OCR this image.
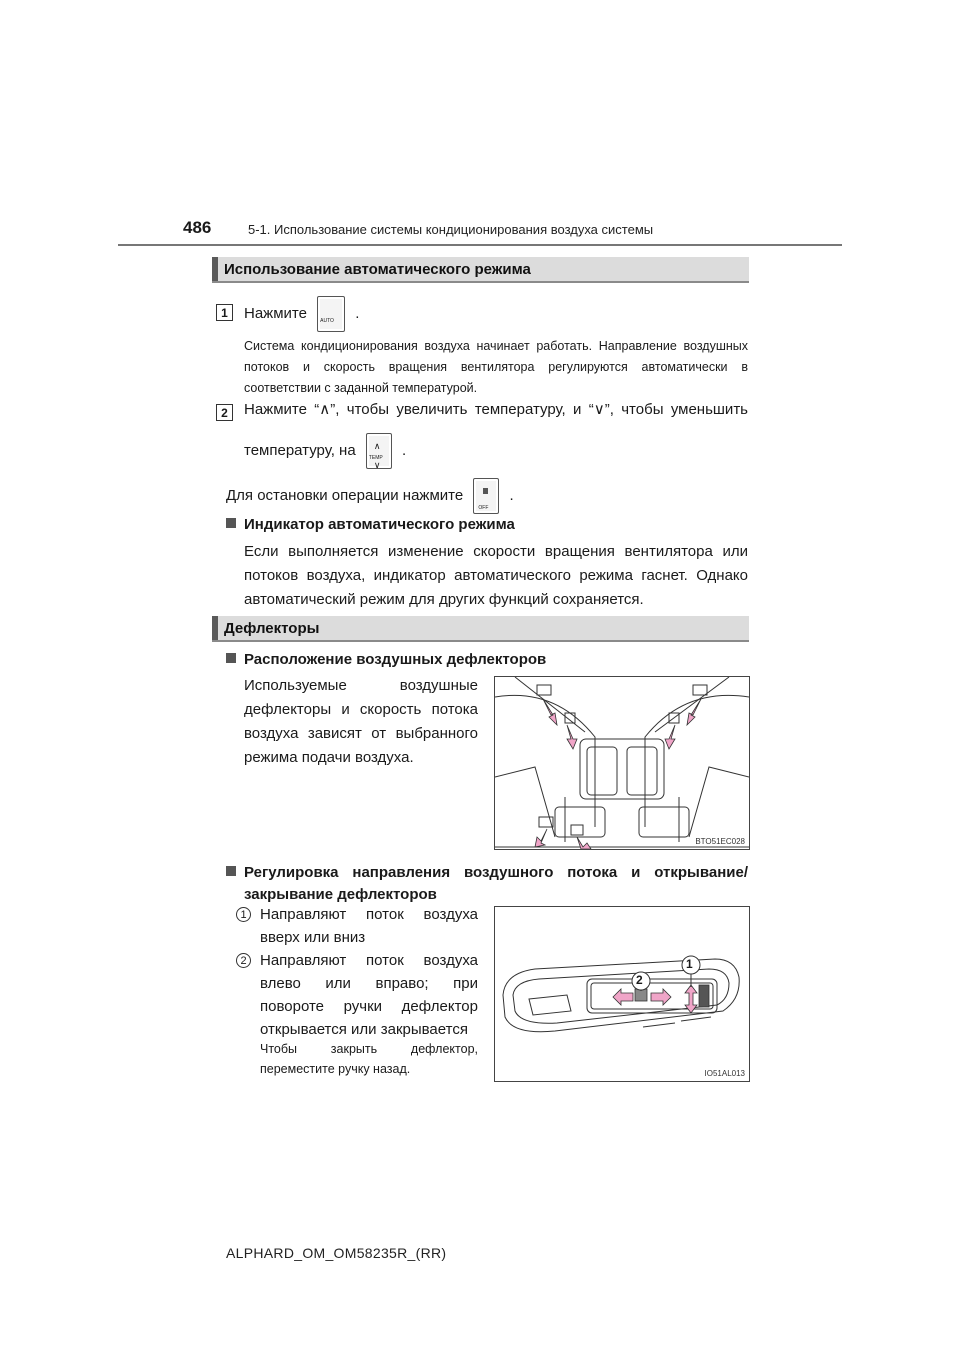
486	5-1. Использование системы кондиционирования воздуха системы
Использование автоматического режима
1	Нажмите	AUTO .
Система кондиционирования воздуха начинает работать. Направление воздушных потоков и скорость вращения вентилятора регулируются автоматически в соответствии с заданной температурой.
2	Нажмите “∧”, чтобы увеличить температуру, и “∨”, чтобы уменьшить
температуру, на ∧
TEMP
∨
.
Для остановки операции нажмите
OFF
.
Индикатор автоматического режима
Если выполняется изменение скорости вращения вентилятора или потоков воздуха, индикатор автоматического режима гаснет. Однако автоматический режим для других функций сохраняется.
Дефлекторы
Расположение воздушных дефлекторов
Используемые воздушные дефлекторы и скорость потока воздуха зависят от выбранного режима подачи воздуха.
BTO51EC028
Регулировка направления воздушного потока и открывание/ закрывание дефлекторов
1 Направляют поток воздуха вверх или вниз
2 Направляют поток воздуха влево или вправо; при повороте ручки дефлектор открывается или закрывается
Чтобы закрыть дефлектор, переместите ручку назад.
1
2
IO51AL013
ALPHARD_OM_OM58235R_(RR)
